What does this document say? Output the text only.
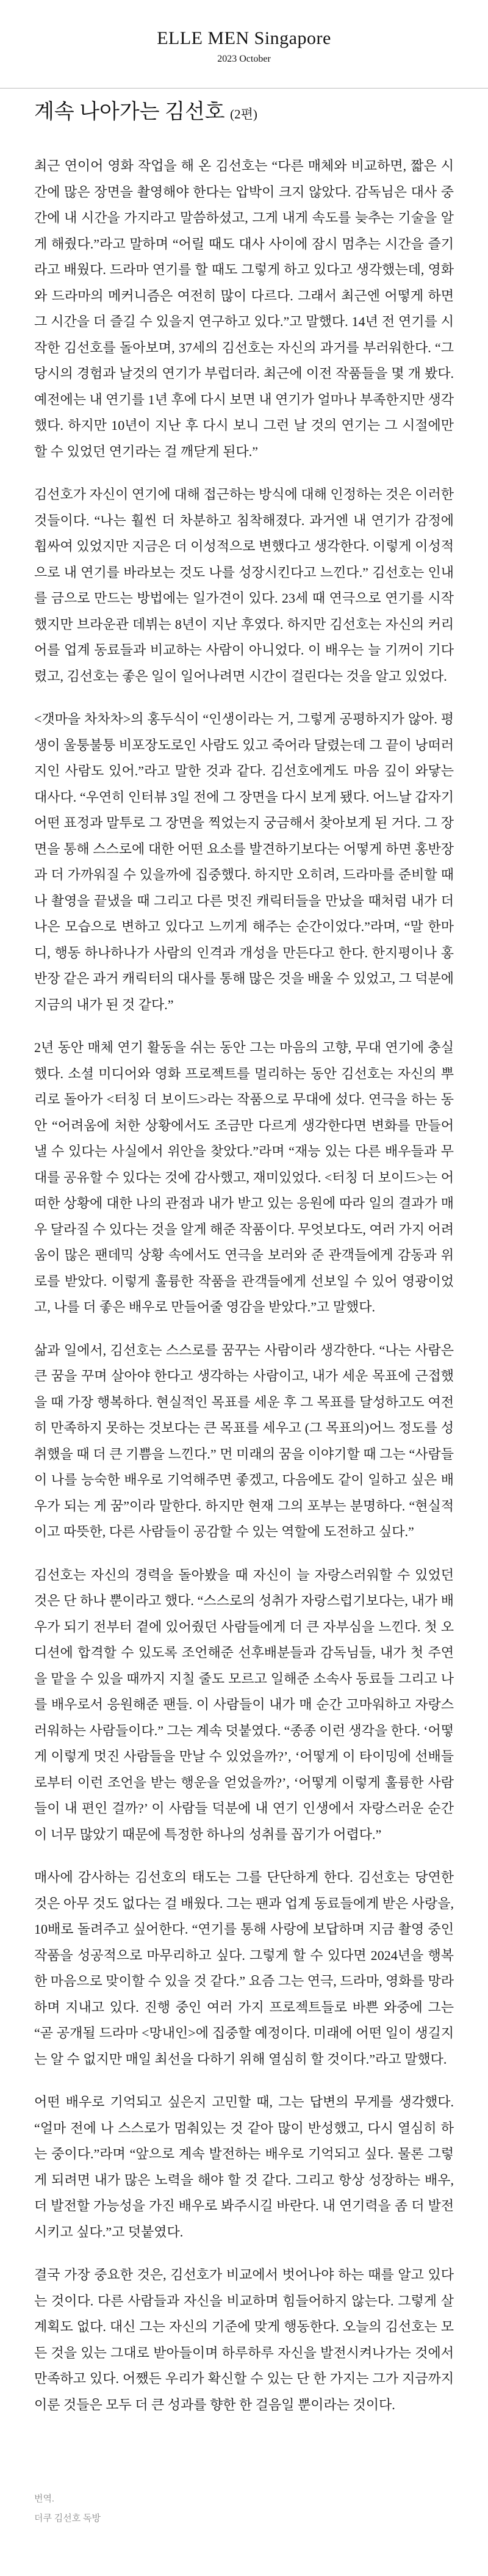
ELLE MEN Singapore
2023 October
계속 나아가는 김선호 (2편)

최근 연이어 영화 작업을 해 온 김선호는 “다른 매체와 비교하면, 짧은 시간에 많은 장면을 촬영해야 한다는 압박이 크지 않았다. 감독님은 대사 중간에 내 시간을 가지라고 말씀하셨고, 그게 내게 속도를 늦추는 기술을 알게 해줬다.”라고 말하며 “어릴 때도 대사 사이에 잠시 멈추는 시간을 즐기라고 배웠다. 드라마 연기를 할 때도 그렇게 하고 있다고 생각했는데, 영화와 드라마의 메커니즘은 여전히 많이 다르다. 그래서 최근엔 어떻게 하면 그 시간을 더 즐길 수 있을지 연구하고 있다.”고 말했다. 14년 전 연기를 시작한 김선호를 돌아보며, 37세의 김선호는 자신의 과거를 부러워한다. “그 당시의 경험과 날것의 연기가 부럽더라. 최근에 이전 작품들을 몇 개 봤다. 예전에는 내 연기를 1년 후에 다시 보면 내 연기가 얼마나 부족한지만 생각했다. 하지만 10년이 지난 후 다시 보니 그런 날 것의 연기는 그 시절에만 할 수 있었던 연기라는 걸 깨닫게 된다.”

김선호가 자신이 연기에 대해 접근하는 방식에 대해 인정하는 것은 이러한 것들이다. “나는 훨씬 더 차분하고 침착해졌다. 과거엔 내 연기가 감정에 휩싸여 있었지만 지금은 더 이성적으로 변했다고 생각한다. 이렇게 이성적으로 내 연기를 바라보는 것도 나를 성장시킨다고 느낀다.” 김선호는 인내를 금으로 만드는 방법에는 일가견이 있다. 23세 때 연극으로 연기를 시작했지만 브라운관 데뷔는 8년이 지난 후였다. 하지만 김선호는 자신의 커리어를 업계 동료들과 비교하는 사람이 아니었다. 이 배우는 늘 기꺼이 기다렸고, 김선호는 좋은 일이 일어나려면 시간이 걸린다는 것을 알고 있었다.

<갯마을 차차차>의 홍두식이 “인생이라는 거, 그렇게 공평하지가 않아. 평생이 울퉁불퉁 비포장도로인 사람도 있고 죽어라 달렸는데 그 끝이 낭떠러지인 사람도 있어.”라고 말한 것과 같다. 김선호에게도 마음 깊이 와닿는 대사다. “우연히 인터뷰 3일 전에 그 장면을 다시 보게 됐다. 어느날 갑자기 어떤 표정과 말투로 그 장면을 찍었는지 궁금해서 찾아보게 된 거다. 그 장면을 통해 스스로에 대한 어떤 요소를 발견하기보다는 어떻게 하면 홍반장과 더 가까워질 수 있을까에 집중했다. 하지만 오히려, 드라마를 준비할 때나 촬영을 끝냈을 때 그리고 다른 멋진 캐릭터들을 만났을 때처럼 내가 더 나은 모습으로 변하고 있다고 느끼게 해주는 순간이었다.”라며, “말 한마디, 행동 하나하나가 사람의 인격과 개성을 만든다고 한다. 한지평이나 홍반장 같은 과거 캐릭터의 대사를 통해 많은 것을 배울 수 있었고, 그 덕분에 지금의 내가 된 것 같다.”

2년 동안 매체 연기 활동을 쉬는 동안 그는 마음의 고향, 무대 연기에 충실했다. 소셜 미디어와 영화 프로젝트를 멀리하는 동안 김선호는 자신의 뿌리로 돌아가 <터칭 더 보이드>라는 작품으로 무대에 섰다. 연극을 하는 동안 “어려움에 처한 상황에서도 조금만 다르게 생각한다면 변화를 만들어낼 수 있다는 사실에서 위안을 찾았다.”라며 “재능 있는 다른 배우들과 무대를 공유할 수 있다는 것에 감사했고, 재미있었다. <터칭 더 보이드>는 어떠한 상황에 대한 나의 관점과 내가 받고 있는 응원에 따라 일의 결과가 매우 달라질 수 있다는 것을 알게 해준 작품이다. 무엇보다도, 여러 가지 어려움이 많은 팬데믹 상황 속에서도 연극을 보러와 준 관객들에게 감동과 위로를 받았다. 이렇게 훌륭한 작품을 관객들에게 선보일 수 있어 영광이었고, 나를 더 좋은 배우로 만들어줄 영감을 받았다.”고 말했다.

삶과 일에서, 김선호는 스스로를 꿈꾸는 사람이라 생각한다. “나는 사람은 큰 꿈을 꾸며 살아야 한다고 생각하는 사람이고, 내가 세운 목표에 근접했을 때 가장 행복하다. 현실적인 목표를 세운 후 그 목표를 달성하고도 여전히 만족하지 못하는 것보다는 큰 목표를 세우고 (그 목표의)어느 정도를 성취했을 때 더 큰 기쁨을 느낀다.” 먼 미래의 꿈을 이야기할 때 그는 “사람들이 나를 능숙한 배우로 기억해주면 좋겠고, 다음에도 같이 일하고 싶은 배우가 되는 게 꿈”이라 말한다. 하지만 현재 그의 포부는 분명하다. “현실적이고 따뜻한, 다른 사람들이 공감할 수 있는 역할에 도전하고 싶다.”

김선호는 자신의 경력을 돌아봤을 때 자신이 늘 자랑스러워할 수 있었던 것은 단 하나 뿐이라고 했다. “스스로의 성취가 자랑스럽기보다는, 내가 배우가 되기 전부터 곁에 있어줬던 사람들에게 더 큰 자부심을 느낀다. 첫 오디션에 합격할 수 있도록 조언해준 선후배분들과 감독님들, 내가 첫 주연을 맡을 수 있을 때까지 지칠 줄도 모르고 일해준 소속사 동료들 그리고 나를 배우로서 응원해준 팬들. 이 사람들이 내가 매 순간 고마워하고 자랑스러워하는 사람들이다.” 그는 계속 덧붙였다. “종종 이런 생각을 한다. ‘어떻게 이렇게 멋진 사람들을 만날 수 있었을까?’, ‘어떻게 이 타이밍에 선배들로부터 이런 조언을 받는 행운을 얻었을까?’, ‘어떻게 이렇게 훌륭한 사람들이 내 편인 걸까?’ 이 사람들 덕분에 내 연기 인생에서 자랑스러운 순간이 너무 많았기 때문에 특정한 하나의 성취를 꼽기가 어렵다.”

매사에 감사하는 김선호의 태도는 그를 단단하게 한다. 김선호는 당연한 것은 아무 것도 없다는 걸 배웠다. 그는 팬과 업계 동료들에게 받은 사랑을, 10배로 돌려주고 싶어한다. “연기를 통해 사랑에 보답하며 지금 촬영 중인 작품을 성공적으로 마무리하고 싶다. 그렇게 할 수 있다면 2024년을 행복한 마음으로 맞이할 수 있을 것 같다.” 요즘 그는 연극, 드라마, 영화를 망라하며 지내고 있다. 진행 중인 여러 가지 프로젝트들로 바쁜 와중에 그는 “곧 공개될 드라마 <망내인>에 집중할 예정이다. 미래에 어떤 일이 생길지는 알 수 없지만 매일 최선을 다하기 위해 열심히 할 것이다.”라고 말했다.

어떤 배우로 기억되고 싶은지 고민할 때, 그는 답변의 무게를 생각했다. “얼마 전에 나 스스로가 멈춰있는 것 같아 많이 반성했고, 다시 열심히 하는 중이다.”라며 “앞으로 계속 발전하는 배우로 기억되고 싶다. 물론 그렇게 되려면 내가 많은 노력을 해야 할 것 같다. 그리고 항상 성장하는 배우, 더 발전할 가능성을 가진 배우로 봐주시길 바란다. 내 연기력을 좀 더 발전시키고 싶다.”고 덧붙였다.

결국 가장 중요한 것은, 김선호가 비교에서 벗어나야 하는 때를 알고 있다는 것이다. 다른 사람들과 자신을 비교하며 힘들어하지 않는다. 그렇게 살 계획도 없다. 대신 그는 자신의 기준에 맞게 행동한다. 오늘의 김선호는 모든 것을 있는 그대로 받아들이며 하루하루 자신을 발전시켜나가는 것에서 만족하고 있다. 어쨌든 우리가 확신할 수 있는 단 한 가지는 그가 지금까지 이룬 것들은 모두 더 큰 성과를 향한 한 걸음일 뿐이라는 것이다.

번역.
더쿠 김선호 독방
